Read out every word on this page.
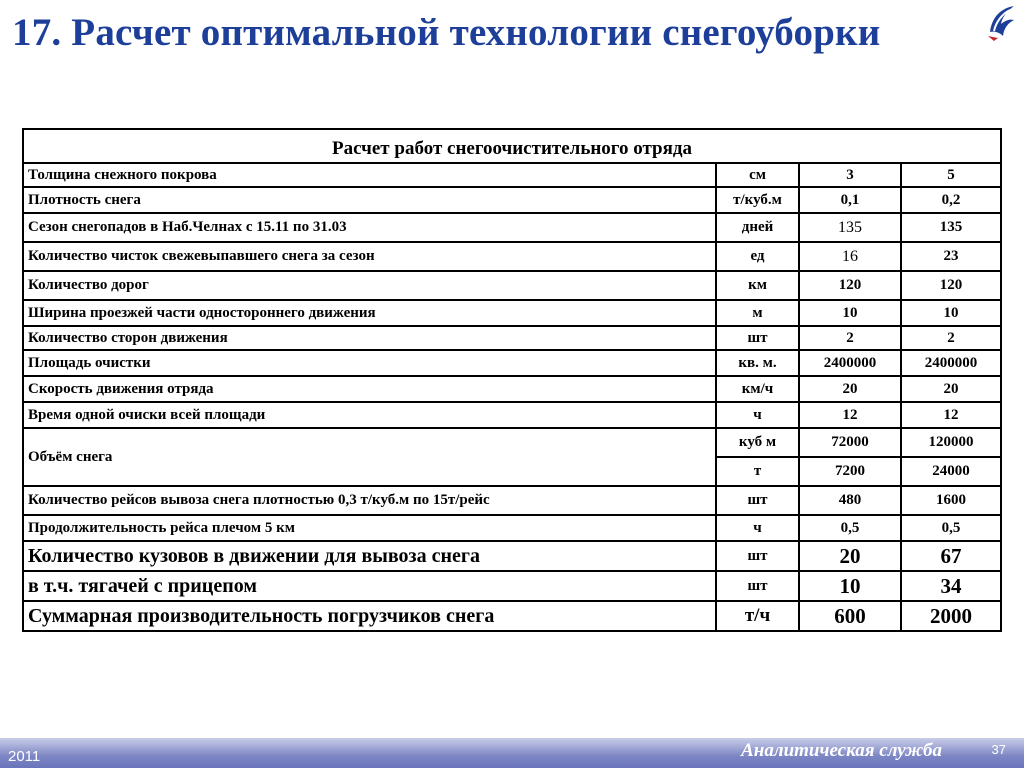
17. Расчет оптимальной технологии снегоуборки
Расчет работ снегоочистительного отряда			
Толщина снежного покрова	см	3	5
Плотность снега	т/куб.м	0,1	0,2
Сезон снегопадов в Наб.Челнах с 15.11 по 31.03	дней	135	135
Количество чисток свежевыпавшего снега за сезон	ед	16	23
Количество дорог	км	120	120
Ширина проезжей части одностороннего движения	м	10	10
Количество сторон движения	шт	2	2
Площадь очистки	кв. м.	2400000	2400000
Скорость движения отряда	км/ч	20	20
Время одной очиски всей площади	ч	12	12
Объём снега	куб м	72000	120000
	т	7200	24000
Количество рейсов вывоза снега плотностью 0,3 т/куб.м по 15т/рейс	шт	480	1600
Продолжительность рейса плечом 5 км	ч	0,5	0,5
Количество кузовов в движении для вывоза снега	шт	20	67
в т.ч. тягачей с прицепом	шт	10	34
Суммарная производительность погрузчиков снега	т/ч	600	2000
2011	Аналитическая служба	37
